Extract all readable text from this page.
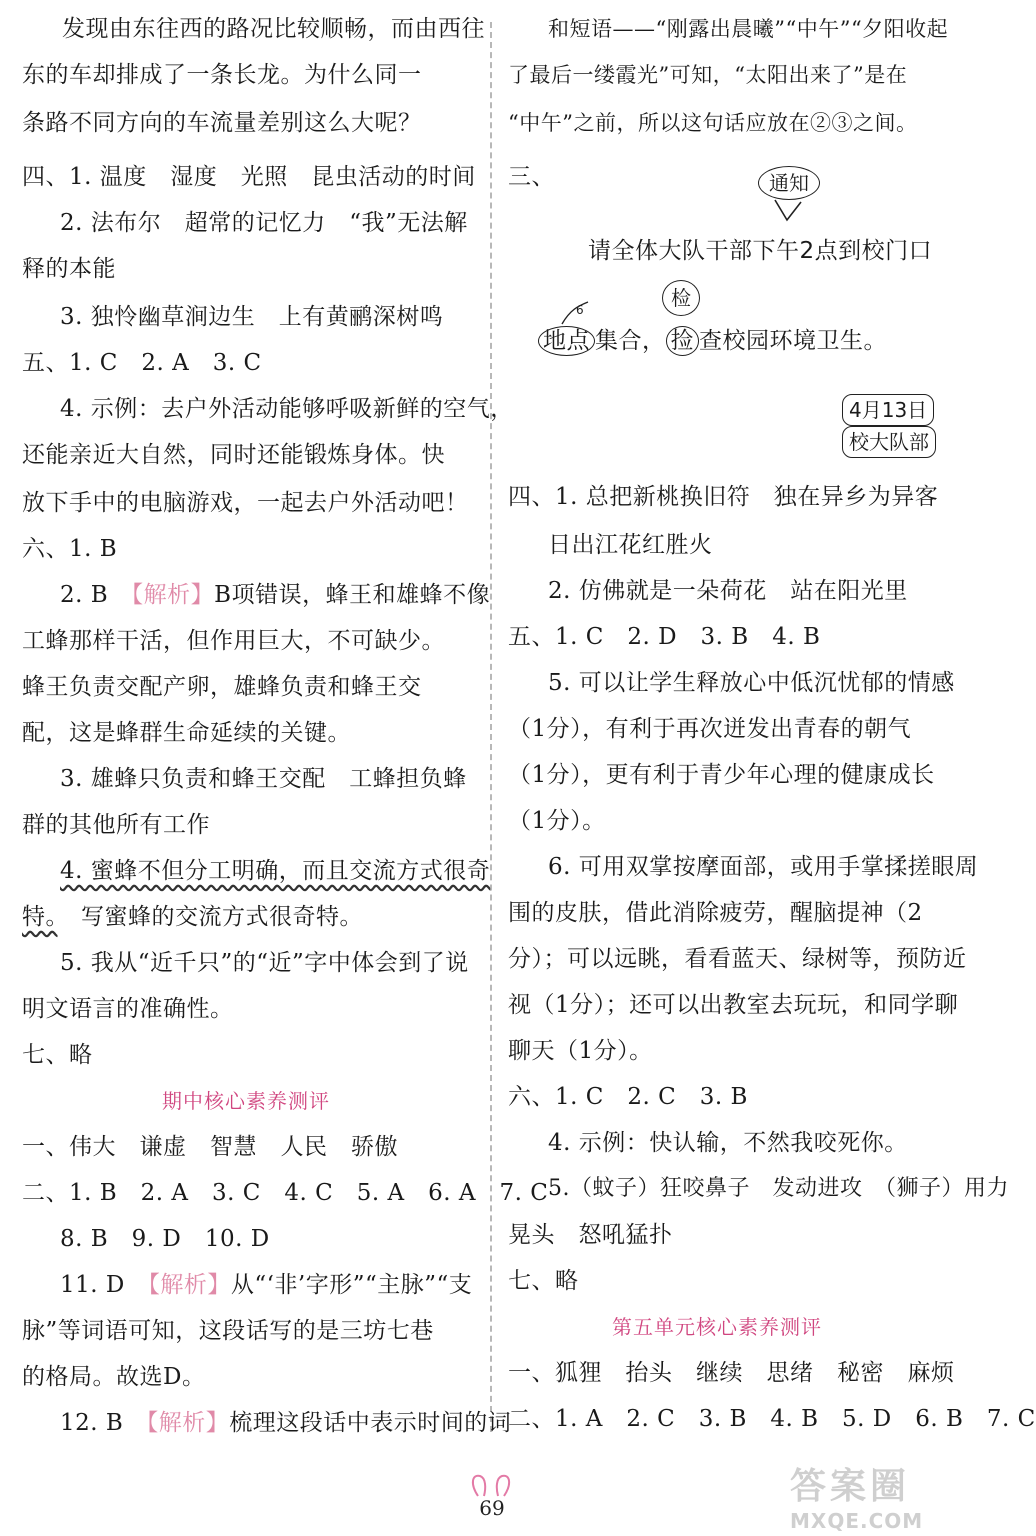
发现由东往西的路况比较顺畅，而由西往
东的车却排成了一条长龙。为什么同一
条路不同方向的车流量差别这么大呢？
四、1. 温度　湿度　光照　昆虫活动的时间
2. 法布尔　超常的记忆力　“我”无法解
释的本能
3. 独怜幽草涧边生　上有黄鹂深树鸣
五、1. C　2. A　3. C
4. 示例：去户外活动能够呼吸新鲜的空气，
还能亲近大自然，同时还能锻炼身体。快
放下手中的电脑游戏，一起去户外活动吧！
六、1. B
2. B　【解析】B项错误，蜂王和雄蜂不像
工蜂那样干活，但作用巨大，不可缺少。
蜂王负责交配产卵，雄蜂负责和蜂王交
配，这是蜂群生命延续的关键。
3. 雄蜂只负责和蜂王交配　工蜂担负蜂
群的其他所有工作
4. 蜜蜂不但分工明确，而且交流方式很奇
特。　写蜜蜂的交流方式很奇特。
5. 我从“近千只”的“近”字中体会到了说
明文语言的准确性。
七、略
期中核心素养测评
一、伟大　谦虚　智慧　人民　骄傲
二、1. B　2. A　3. C　4. C　5. A　6. A　7. C
8. B　9. D　10. D
11. D　【解析】从“‘非’字形”“主脉”“支
脉”等词语可知，这段话写的是三坊七巷
的格局。故选D。
12. B　【解析】梳理这段话中表示时间的词
和短语——“刚露出晨曦”“中午”“夕阳收起
了最后一缕霞光”可知，“太阳出来了”是在
“中午”之前，所以这句话应放在②③之间。
三、	通知
请全体大队干部下午2点到校门口
检
6
地点 集合， 捡 查校园环境卫生。
4月13日
校大队部
四、1. 总把新桃换旧符　独在异乡为异客
日出江花红胜火
2. 仿佛就是一朵荷花　站在阳光里
五、1. C　2. D　3. B　4. B
5. 可以让学生释放心中低沉忧郁的情感
（1分），有利于再次迸发出青春的朝气
（1分），更有利于青少年心理的健康成长
（1分）。
6. 可用双掌按摩面部，或用手掌揉搓眼周
围的皮肤，借此消除疲劳，醒脑提神（2
分）；可以远眺，看看蓝天、绿树等，预防近
视（1分）；还可以出教室去玩玩，和同学聊
聊天（1分）。
六、1. C　2. C　3. B
4. 示例：快认输，不然我咬死你。
5.（蚊子）狂咬鼻子　发动进攻　（狮子）用力
晃头　怒吼猛扑
七、略
第五单元核心素养测评
一、狐狸　抬头　继续　思绪　秘密　麻烦
二、1. A　2. C　3. B　4. B　5. D　6. B　7. C
69
答案圈
MXQE.COM
